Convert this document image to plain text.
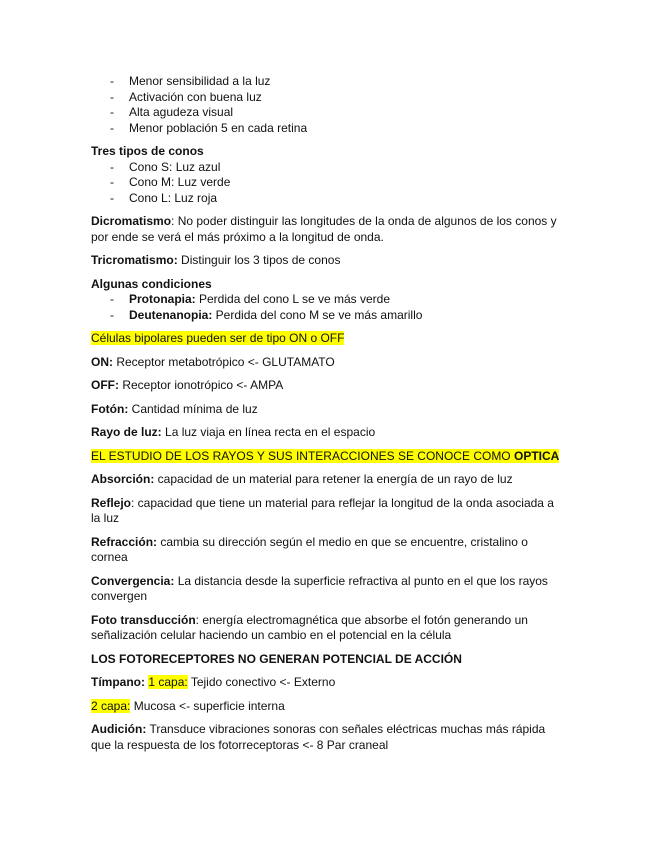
- Menor sensibilidad a la luz
- Activación con buena luz
- Alta agudeza visual
- Menor población 5 en cada retina

Tres tipos de conos

- Cono S: Luz azul
- Cono M: Luz verde
- Cono L: Luz roja

Dicromatismo: No poder distinguir las longitudes de la onda de algunos de los conos y por ende se verá el más próximo a la longitud de onda.

Tricromatismo: Distinguir los 3 tipos de conos

Algunas condiciones

- Protonapia: Perdida del cono L se ve más verde
- Deutenanopia: Perdida del cono M se ve más amarillo

Células bipolares pueden ser de tipo ON o OFF

ON: Receptor metabotrópico <- GLUTAMATO

OFF: Receptor ionotrópico <- AMPA

Fotón: Cantidad mínima de luz

Rayo de luz: La luz viaja en línea recta en el espacio

EL ESTUDIO DE LOS RAYOS Y SUS INTERACCIONES SE CONOCE COMO OPTICA

Absorción: capacidad de un material para retener la energía de un rayo de luz

Reflejo: capacidad que tiene un material para reflejar la longitud de la onda asociada a la luz

Refracción: cambia su dirección según el medio en que se encuentre, cristalino o cornea

Convergencia: La distancia desde la superficie refractiva al punto en el que los rayos convergen

Foto transducción: energía electromagnética que absorbe el fotón generando un señalización celular haciendo un cambio en el potencial en la célula

LOS FOTORECEPTORES NO GENERAN POTENCIAL DE ACCIÓN

Tímpano: 1 capa: Tejido conectivo <- Externo

2 capa: Mucosa <- superficie interna

Audición: Transduce vibraciones sonoras con señales eléctricas muchas más rápida que la respuesta de los fotorreceptoras <- 8 Par craneal
